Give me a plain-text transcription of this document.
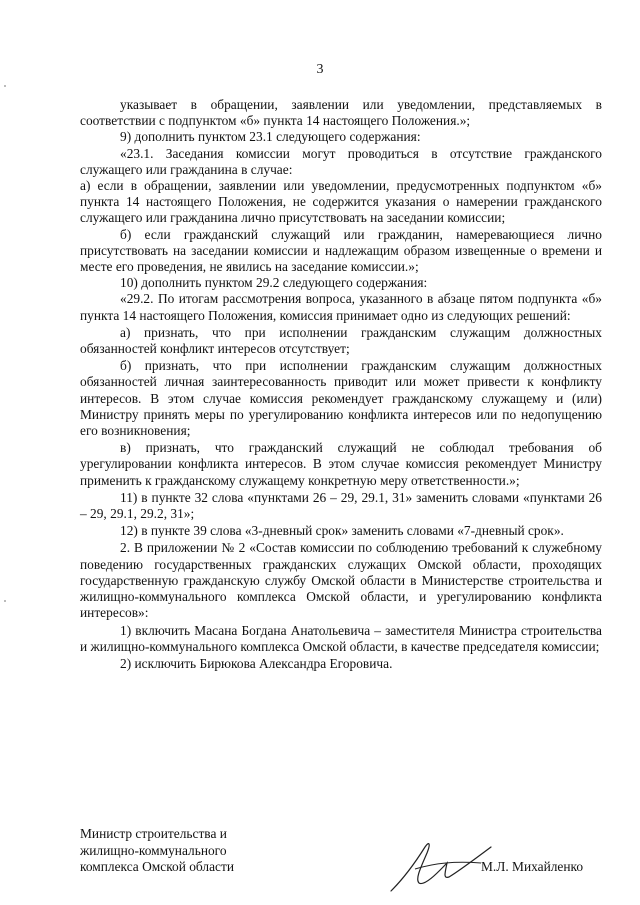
3

указывает в обращении, заявлении или уведомлении, представляемых в соответствии с подпунктом «б» пункта 14 настоящего Положения.»;

9) дополнить пунктом 23.1 следующего содержания:

«23.1. Заседания комиссии могут проводиться в отсутствие гражданского служащего или гражданина в случае:

а) если в обращении, заявлении или уведомлении, предусмотренных подпунктом «б» пункта 14 настоящего Положения, не содержится указания о намерении гражданского служащего или гражданина лично присутствовать на заседании комиссии;

б) если гражданский служащий или гражданин, намеревающиеся лично присутствовать на заседании комиссии и надлежащим образом извещенные о времени и месте его проведения, не явились на заседание комиссии.»;

10) дополнить пунктом 29.2 следующего содержания:

«29.2. По итогам рассмотрения вопроса, указанного в абзаце пятом подпункта «б» пункта 14 настоящего Положения, комиссия принимает одно из следующих решений:

а) признать, что при исполнении гражданским служащим должностных обязанностей конфликт интересов отсутствует;

б) признать, что при исполнении гражданским служащим должностных обязанностей личная заинтересованность приводит или может привести к конфликту интересов. В этом случае комиссия рекомендует гражданскому служащему и (или) Министру принять меры по урегулированию конфликта интересов или по недопущению его возникновения;

в) признать, что гражданский служащий не соблюдал требования об урегулировании конфликта интересов. В этом случае комиссия рекомендует Министру применить к гражданскому служащему конкретную меру ответственности.»;

11) в пункте 32 слова «пунктами 26 – 29, 29.1, 31» заменить словами «пунктами 26 – 29, 29.1, 29.2, 31»;

12) в пункте 39 слова «3-дневный срок» заменить словами «7-дневный срок».

2. В приложении № 2 «Состав комиссии по соблюдению требований к служебному поведению государственных гражданских служащих Омской области, проходящих государственную гражданскую службу Омской области в Министерстве строительства и жилищно-коммунального комплекса Омской области, и урегулированию конфликта интересов»:

1) включить Масана Богдана Анатольевича – заместителя Министра строительства и жилищно-коммунального комплекса Омской области, в качестве председателя комиссии;

2) исключить Бирюкова Александра Егоровича.

Министр строительства и
жилищно-коммунального
комплекса Омской области	М.Л. Михайленко
